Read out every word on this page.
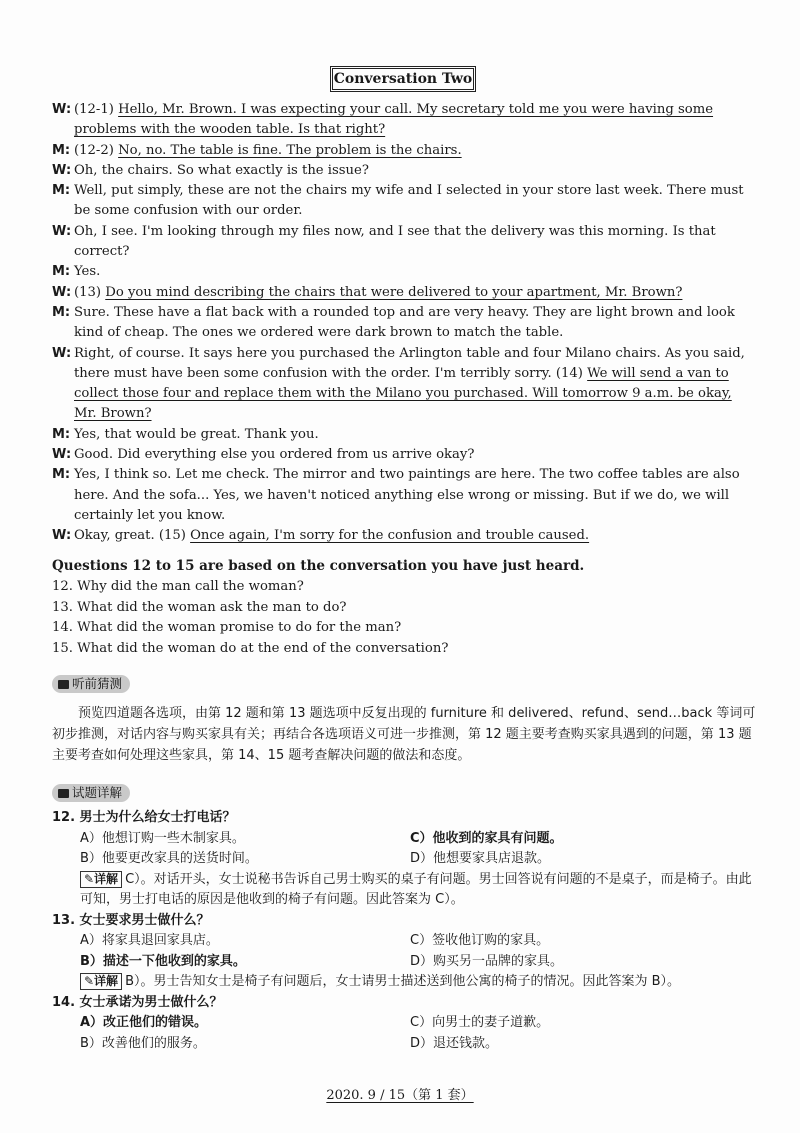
Conversation Two
W: (12-1) Hello, Mr. Brown. I was expecting your call. My secretary told me you were having some problems with the wooden table. Is that right?
M: (12-2) No, no. The table is fine. The problem is the chairs.
W: Oh, the chairs. So what exactly is the issue?
M: Well, put simply, these are not the chairs my wife and I selected in your store last week. There must be some confusion with our order.
W: Oh, I see. I'm looking through my files now, and I see that the delivery was this morning. Is that correct?
M: Yes.
W: (13) Do you mind describing the chairs that were delivered to your apartment, Mr. Brown?
M: Sure. These have a flat back with a rounded top and are very heavy. They are light brown and look kind of cheap. The ones we ordered were dark brown to match the table.
W: Right, of course. It says here you purchased the Arlington table and four Milano chairs. As you said, there must have been some confusion with the order. I'm terribly sorry. (14) We will send a van to collect those four and replace them with the Milano you purchased. Will tomorrow 9 a.m. be okay, Mr. Brown?
M: Yes, that would be great. Thank you.
W: Good. Did everything else you ordered from us arrive okay?
M: Yes, I think so. Let me check. The mirror and two paintings are here. The two coffee tables are also here. And the sofa... Yes, we haven't noticed anything else wrong or missing. But if we do, we will certainly let you know.
W: Okay, great. (15) Once again, I'm sorry for the confusion and trouble caused.
Questions 12 to 15 are based on the conversation you have just heard.
12. Why did the man call the woman?
13. What did the woman ask the man to do?
14. What did the woman promise to do for the man?
15. What did the woman do at the end of the conversation?
听前猜测
预览四道题各选项，由第 12 题和第 13 题选项中反复出现的 furniture 和 delivered、refund、send…back 等词可初步推测，对话内容与购买家具有关；再结合各选项语义可进一步推测，第 12 题主要考查购买家具遇到的问题，第 13 题主要考查如何处理这些家具，第 14、15 题考查解决问题的做法和态度。
试题详解
12. 男士为什么给女士打电话？
A）他想订购一些木制家具。	C）他收到的家具有问题。
B）他要更改家具的送货时间。	D）他想要家具店退款。
✎详解 C）。对话开头，女士说秘书告诉自己男士购买的桌子有问题。男士回答说有问题的不是桌子，而是椅子。由此可知，男士打电话的原因是他收到的椅子有问题。因此答案为 C）。
13. 女士要求男士做什么？
A）将家具退回家具店。	C）签收他订购的家具。
B）描述一下他收到的家具。	D）购买另一品牌的家具。
✎详解 B）。男士告知女士是椅子有问题后，女士请男士描述送到他公寓的椅子的情况。因此答案为 B）。
14. 女士承诺为男士做什么？
A）改正他们的错误。	C）向男士的妻子道歉。
B）改善他们的服务。	D）退还钱款。
2020. 9 / 15（第 1 套）
